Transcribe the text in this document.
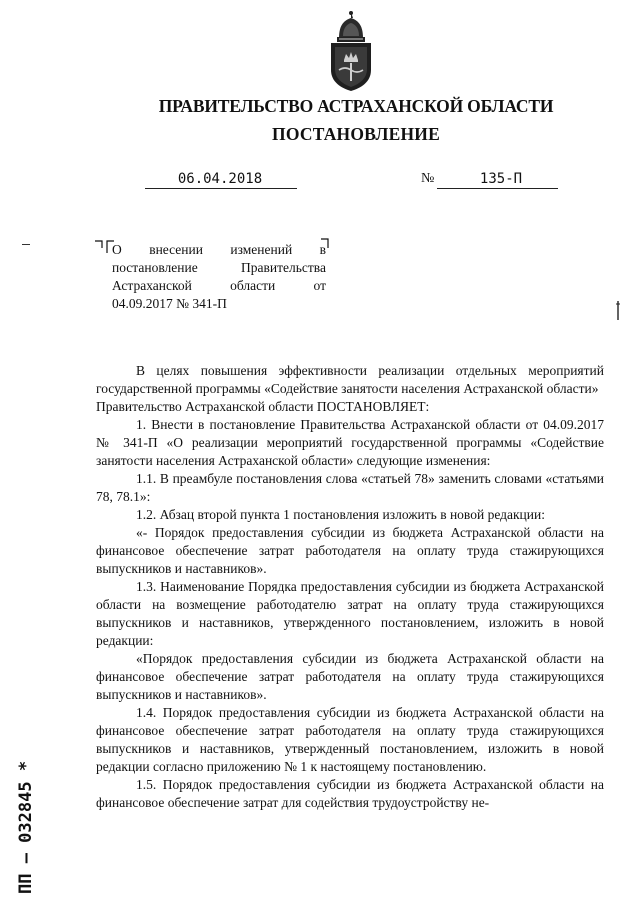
ПРАВИТЕЛЬСТВО АСТРАХАНСКОЙ ОБЛАСТИ
ПОСТАНОВЛЕНИЕ
06.04.2018	№	135-П
О внесении изменений в
постановление Правительства
Астраханской области от
04.09.2017 № 341-П

В целях повышения эффективности реализации отдельных мероприятий государственной программы «Содействие занятости населения Астраханской области»

Правительство Астраханской области ПОСТАНОВЛЯЕТ:

1. Внести в постановление Правительства Астраханской области от 04.09.2017 № 341-П «О реализации мероприятий государственной программы «Содействие занятости населения Астраханской области» следующие изменения:

1.1. В преамбуле постановления слова «статьей 78» заменить словами «статьями 78, 78.1»:

1.2. Абзац второй пункта 1 постановления изложить в новой редакции:

«- Порядок предоставления субсидии из бюджета Астраханской области на финансовое обеспечение затрат работодателя на оплату труда стажирующихся выпускников и наставников».

1.3. Наименование Порядка предоставления субсидии из бюджета Астраханской области на возмещение работодателю затрат на оплату труда стажирующихся выпускников и наставников, утвержденного постановлением, изложить в новой редакции:

«Порядок предоставления субсидии из бюджета Астраханской области на финансовое обеспечение затрат работодателя на оплату труда стажирующихся выпускников и наставников».

1.4. Порядок предоставления субсидии из бюджета Астраханской области на финансовое обеспечение затрат работодателя на оплату труда стажирующихся выпускников и наставников, утвержденный постановлением, изложить в новой редакции согласно приложению № 1 к настоящему постановлению.

1.5. Порядок предоставления субсидии из бюджета Астраханской области на финансовое обеспечение затрат для содействия трудоустройству не-

ПП – 032845 *
